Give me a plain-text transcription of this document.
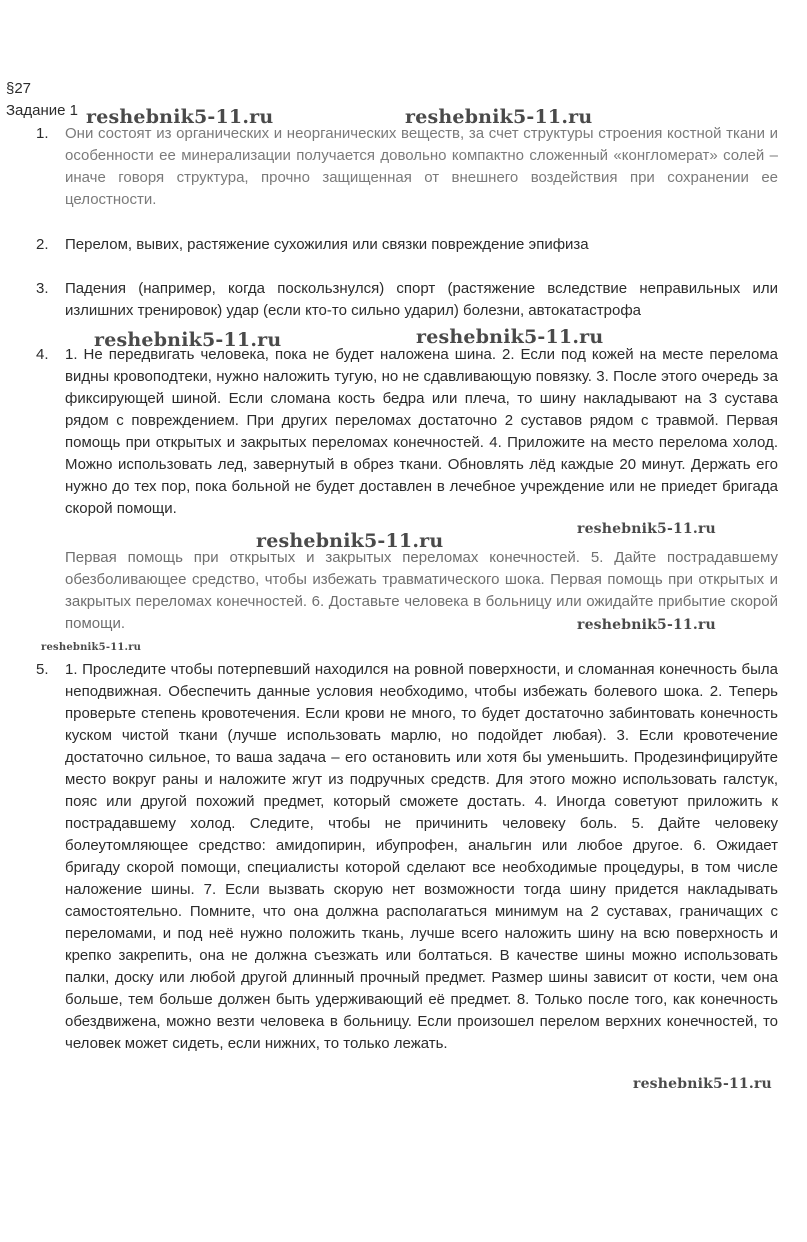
§27
Задание 1
1. Они состоят из органических и неорганических веществ, за счет структуры строения костной ткани и особенности ее минерализации получается довольно компактно сложенный «конгломерат» солей – иначе говоря структура, прочно защищенная от внешнего воздействия при сохранении ее целостности.
2. Перелом, вывих, растяжение сухожилия или связки повреждение эпифиза
3. Падения (например, когда поскользнулся) спорт (растяжение вследствие неправильных или излишних тренировок) удар (если кто-то сильно ударил) болезни, автокатастрофа
4. 1. Не передвигать человека, пока не будет наложена шина. 2. Если под кожей на месте перелома видны кровоподтеки, нужно наложить тугую, но не сдавливающую повязку. 3. После этого очередь за фиксирующей шиной. Если сломана кость бедра или плеча, то шину накладывают на 3 сустава рядом с повреждением. При других переломах достаточно 2 суставов рядом с травмой. Первая помощь при открытых и закрытых переломах конечностей. 4. Приложите на место перелома холод. Можно использовать лед, завернутый в обрез ткани. Обновлять лёд каждые 20 минут. Держать его нужно до тех пор, пока больной не будет доставлен в лечебное учреждение или не приедет бригада скорой помощи.
Первая помощь при открытых и закрытых переломах конечностей. 5. Дайте пострадавшему обезболивающее средство, чтобы избежать травматического шока. Первая помощь при открытых и закрытых переломах конечностей. 6. Доставьте человека в больницу или ожидайте прибытие скорой помощи.
5. 1. Проследите чтобы потерпевший находился на ровной поверхности, и сломанная конечность была неподвижная. Обеспечить данные условия необходимо, чтобы избежать болевого шока. 2. Теперь проверьте степень кровотечения. Если крови не много, то будет достаточно забинтовать конечность куском чистой ткани (лучше использовать марлю, но подойдет любая). 3. Если кровотечение достаточно сильное, то ваша задача – его остановить или хотя бы уменьшить. Продезинфицируйте место вокруг раны и наложите жгут из подручных средств. Для этого можно использовать галстук, пояс или другой похожий предмет, который сможете достать. 4. Иногда советуют приложить к пострадавшему холод. Следите, чтобы не причинить человеку боль. 5. Дайте человеку болеутомляющее средство: амидопирин, ибупрофен, анальгин или любое другое. 6. Ожидает бригаду скорой помощи, специалисты которой сделают все необходимые процедуры, в том числе наложение шины. 7. Если вызвать скорую нет возможности тогда шину придется накладывать самостоятельно. Помните, что она должна располагаться минимум на 2 суставах, граничащих с переломами, и под неё нужно положить ткань, лучше всего наложить шину на всю поверхность и крепко закрепить, она не должна съезжать или болтаться. В качестве шины можно использовать палки, доску или любой другой длинный прочный предмет. Размер шины зависит от кости, чем она больше, тем больше должен быть удерживающий её предмет. 8. Только после того, как конечность обездвижена, можно везти человека в больницу. Если произошел перелом верхних конечностей, то человек может сидеть, если нижних, то только лежать.
reshebnik5-11.ru	reshebnik5-11.ru
reshebnik5-11.ru	reshebnik5-11.ru
reshebnik5-11.ru
reshebnik5-11.ru
reshebnik5-11.ru
reshebnik5-11.ru
reshebnik5-11.ru
